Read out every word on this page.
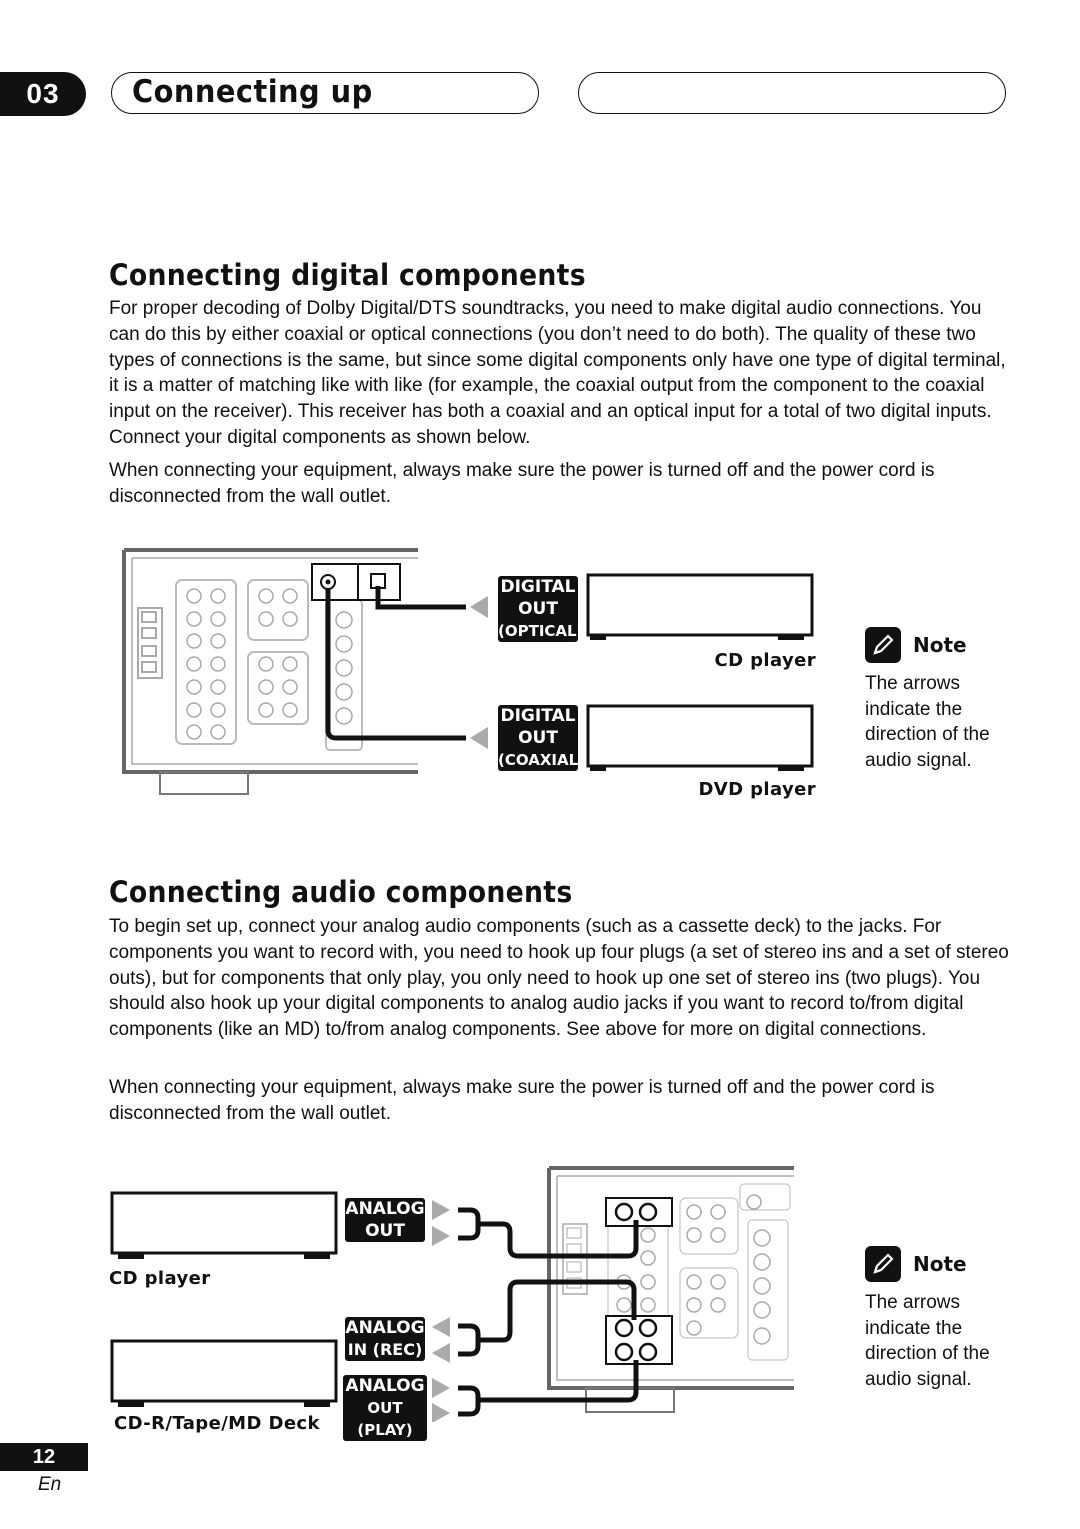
03	Connecting up
Connecting digital components

For proper decoding of Dolby Digital/DTS soundtracks, you need to make digital audio connections. You can do this by either coaxial or optical connections (you don’t need to do both). The quality of these two types of connections is the same, but since some digital components only have one type of digital terminal, it is a matter of matching like with like (for example, the coaxial output from the component to the coaxial input on the receiver). This receiver has both a coaxial and an optical input for a total of two digital inputs. Connect your digital components as shown below.

When connecting your equipment, always make sure the power is turned off and the power cord is disconnected from the wall outlet.

DIGITAL
OUT
(OPTICAL)
DIGITAL
OUT
(COAXIAL)
CD player
DVD player
Note
The arrows indicate the direction of the audio signal.
Connecting audio components

To begin set up, connect your analog audio components (such as a cassette deck) to the jacks. For components you want to record with, you need to hook up four plugs (a set of stereo ins and a set of stereo outs), but for components that only play, you only need to hook up one set of stereo ins (two plugs). You should also hook up your digital components to analog audio jacks if you want to record to/from digital components (like an MD) to/from analog components. See above for more on digital connections.

When connecting your equipment, always make sure the power is turned off and the power cord is disconnected from the wall outlet.

ANALOG
OUT
ANALOG
IN (REC)
ANALOG
OUT (PLAY)
CD player
CD-R/Tape/MD Deck
Note
The arrows indicate the direction of the audio signal.
12
En
